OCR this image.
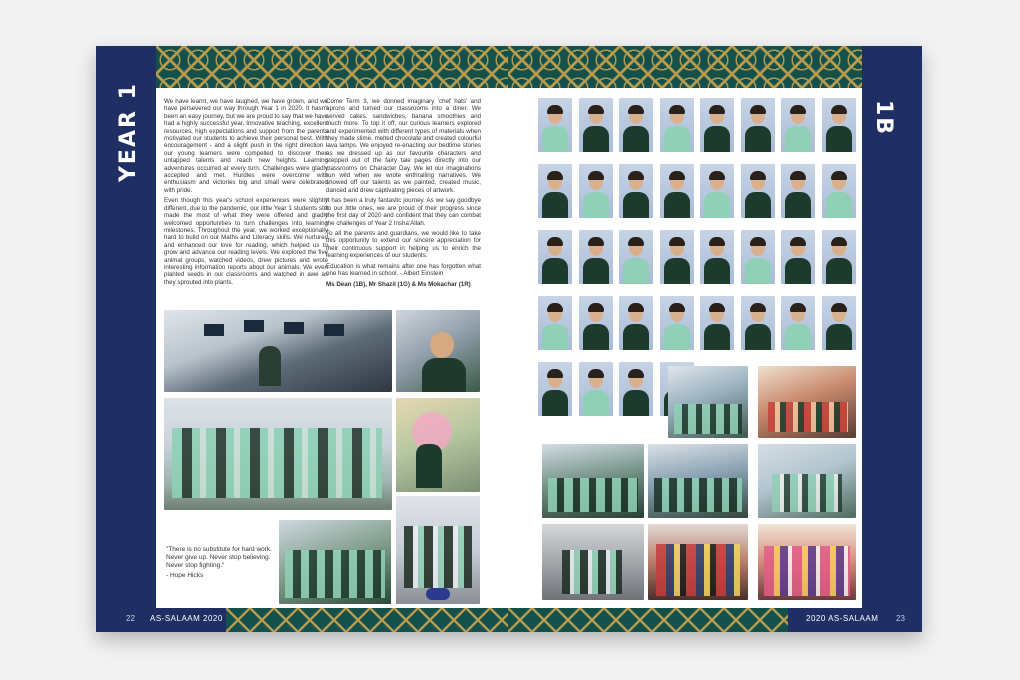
YEAR 1	We have learnt, we have laughed, we have grown, and we have persevered our way through Year 1 in 2020. It hasn't been an easy journey, but we are proud to say that we have had a highly successful year. Innovative teaching, excellent resources, high expectations and support from the parents motivated our students to achieve their personal best. With encouragement - and a slight push in the right direction - our young learners were compelled to discover their untapped talents and reach new heights. Learning adventures occurred at every turn. Challenges were gladly accepted and met. Hurdles were overcome with enthusiasm and victories big and small were celebrated with pride.

Even though this year's school experiences were slightly different, due to the pandemic, our little Year 1 students still made the most of what they were offered and gladly welcomed opportunities to turn challenges into learning milestones. Throughout the year, we worked exceptionally hard to build on our Maths and Literacy skills. We nurtured and enhanced our love for reading, which helped us to grow and advance our reading levels. We explored the five animal groups, watched videos, drew pictures and wrote interesting information reports about our animals. We even planted seeds in our classrooms and watched in awe as they sprouted into plants.

Come Term 3, we donned imaginary 'chef hats' and aprons and turned our classrooms into a diner. We served cakes, sandwiches, banana smoothies and much more. To top it off, our curious learners explored and experimented with different types of materials when they made slime, melted chocolate and created colourful lava lamps. We enjoyed re-enacting our bedtime stories as we dressed up as our favourite characters and stepped out of the fairy tale pages directly into our classrooms on Character Day. We let our imaginations run wild when we wrote enthralling narratives. We showed off our talents as we painted, created music, danced and drew captivating pieces of artwork.

It has been a truly fantastic journey. As we say goodbye to our little ones, we are proud of their progress since the first day of 2020 and confident that they can combat the challenges of Year 2 Insha'Allah.

To all the parents and guardians, we would like to take this opportunity to extend our sincere appreciation for their continuous support in helping us to enrich the learning experiences of our students.

Education is what remains after one has forgotten what one has learned in school. - Albert Einstein

Ms Dean (1B), Mr Shazil (1G) & Ms Mokachar (1R)
"There is no substitute for hard work.
Never give up. Never stop believing.
Never stop fighting."
- Hope Hicks
22 AS-SALAAM 2020
1B
2020 AS-SALAAM 23
